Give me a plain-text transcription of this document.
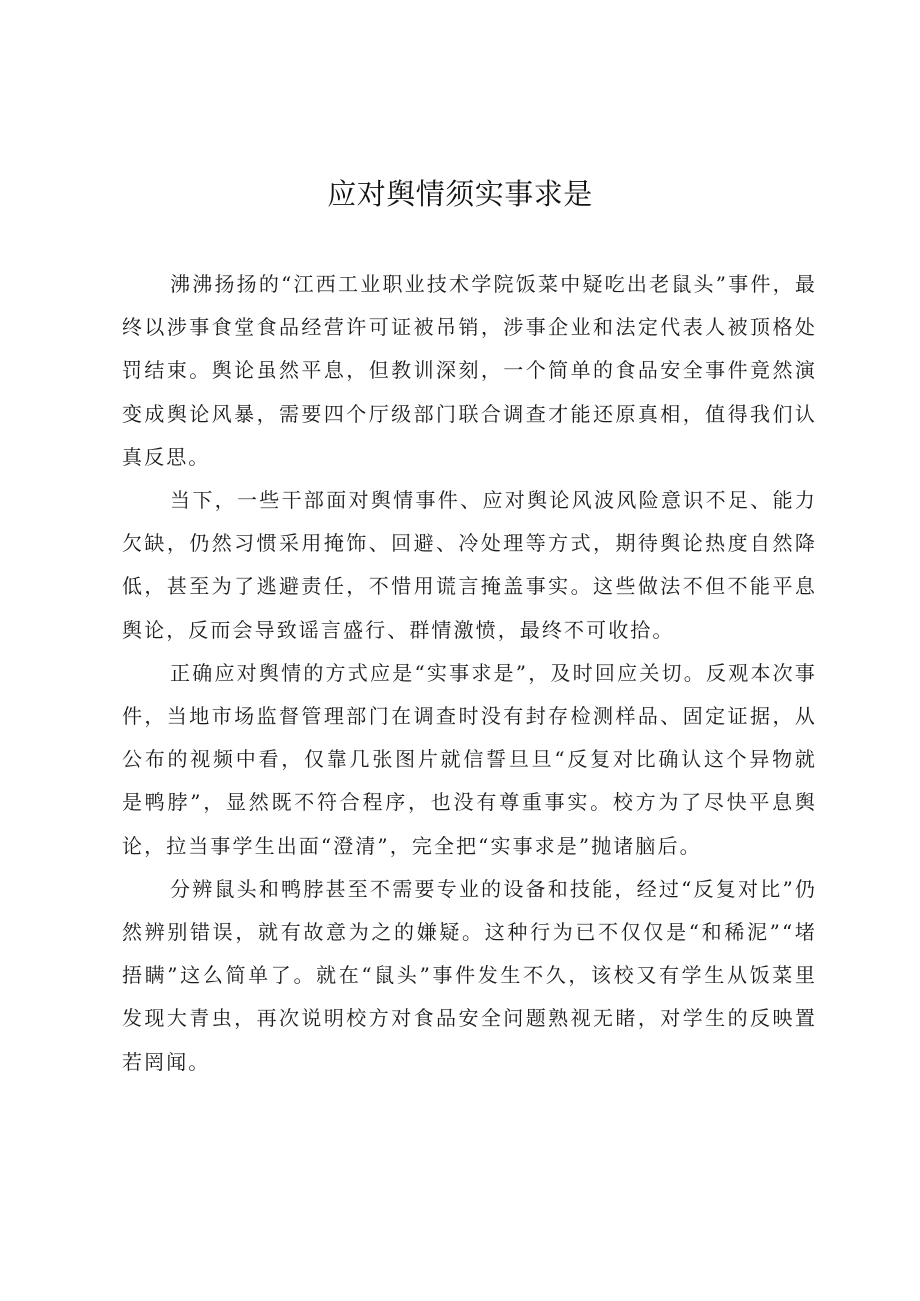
应对舆情须实事求是

沸沸扬扬的“江西工业职业技术学院饭菜中疑吃出老鼠头”事件，最终以涉事食堂食品经营许可证被吊销，涉事企业和法定代表人被顶格处罚结束。舆论虽然平息，但教训深刻，一个简单的食品安全事件竟然演变成舆论风暴，需要四个厅级部门联合调查才能还原真相，值得我们认真反思。

当下，一些干部面对舆情事件、应对舆论风波风险意识不足、能力欠缺，仍然习惯采用掩饰、回避、冷处理等方式，期待舆论热度自然降低，甚至为了逃避责任，不惜用谎言掩盖事实。这些做法不但不能平息舆论，反而会导致谣言盛行、群情激愤，最终不可收拾。

正确应对舆情的方式应是“实事求是”，及时回应关切。反观本次事件，当地市场监督管理部门在调查时没有封存检测样品、固定证据，从公布的视频中看，仅靠几张图片就信誓旦旦“反复对比确认这个异物就是鸭脖”，显然既不符合程序，也没有尊重事实。校方为了尽快平息舆论，拉当事学生出面“澄清”，完全把“实事求是”抛诸脑后。

分辨鼠头和鸭脖甚至不需要专业的设备和技能，经过“反复对比”仍然辨别错误，就有故意为之的嫌疑。这种行为已不仅仅是“和稀泥”“堵捂瞒”这么简单了。就在“鼠头”事件发生不久，该校又有学生从饭菜里发现大青虫，再次说明校方对食品安全问题熟视无睹，对学生的反映置若罔闻。
